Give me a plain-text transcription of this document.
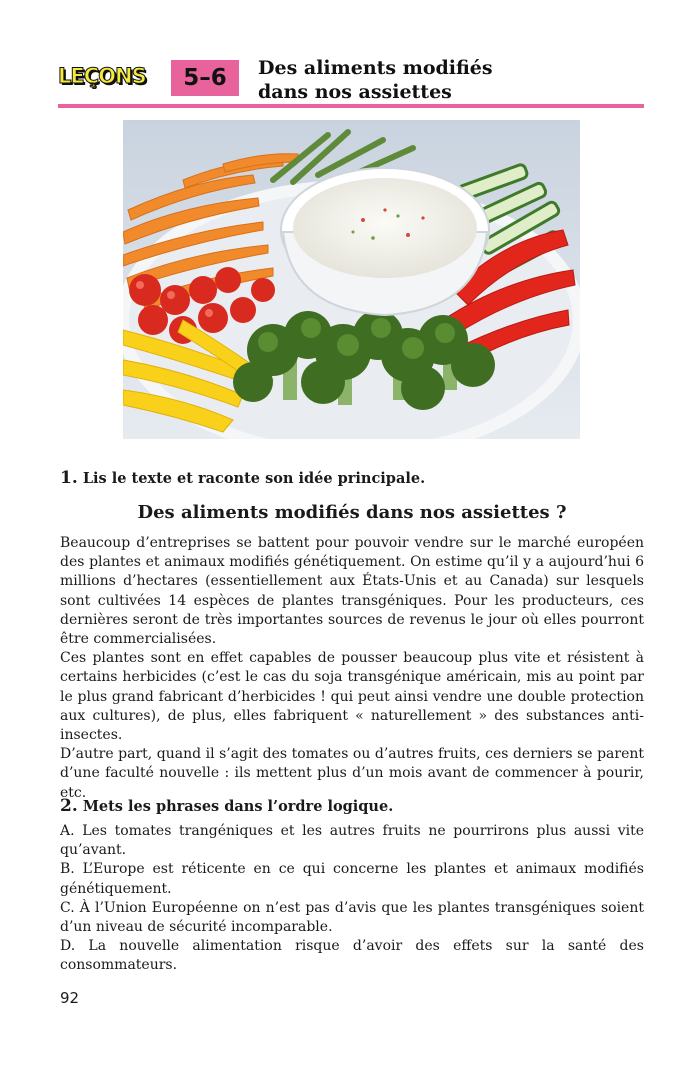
LEÇONS 5–6 Des aliments modifiés
dans nos assiettes
1. Lis le texte et raconte son idée principale.
Des aliments modifiés dans nos assiettes ?

Beaucoup d’entreprises se battent pour pouvoir vendre sur le marché européen des plantes et animaux modifiés génétiquement. On estime qu’il y a aujourd’hui 6 millions d’hectares (essentiellement aux États-Unis et au Canada) sur lesquels sont cultivées 14 espèces de plantes transgéniques. Pour les producteurs, ces dernières seront de très importantes sources de revenus le jour où elles pourront être commercialisées.

Ces plantes sont en effet capables de pousser beaucoup plus vite et résistent à certains herbicides (c’est le cas du soja transgénique américain, mis au point par le plus grand fabricant d’herbicides ! qui peut ainsi vendre une double protection aux cultures), de plus, elles fabriquent « naturellement » des substances anti-insectes.

D’autre part, quand il s’agit des tomates ou d’autres fruits, ces derniers se parent d’une faculté nouvelle : ils mettent plus d’un mois avant de commencer à pourir, etc.

2. Mets les phrases dans l’ordre logique.

A. Les tomates trangéniques et les autres fruits ne pourrirons plus aussi vite qu’avant.

B. L’Europe est réticente en ce qui concerne les plantes et animaux modifiés génétiquement.

C. À l’Union Européenne on n’est pas d’avis que les plantes transgéniques soient d’un niveau de sécurité incomparable.

D. La nouvelle alimentation risque d’avoir des effets sur la santé des consommateurs.

92
